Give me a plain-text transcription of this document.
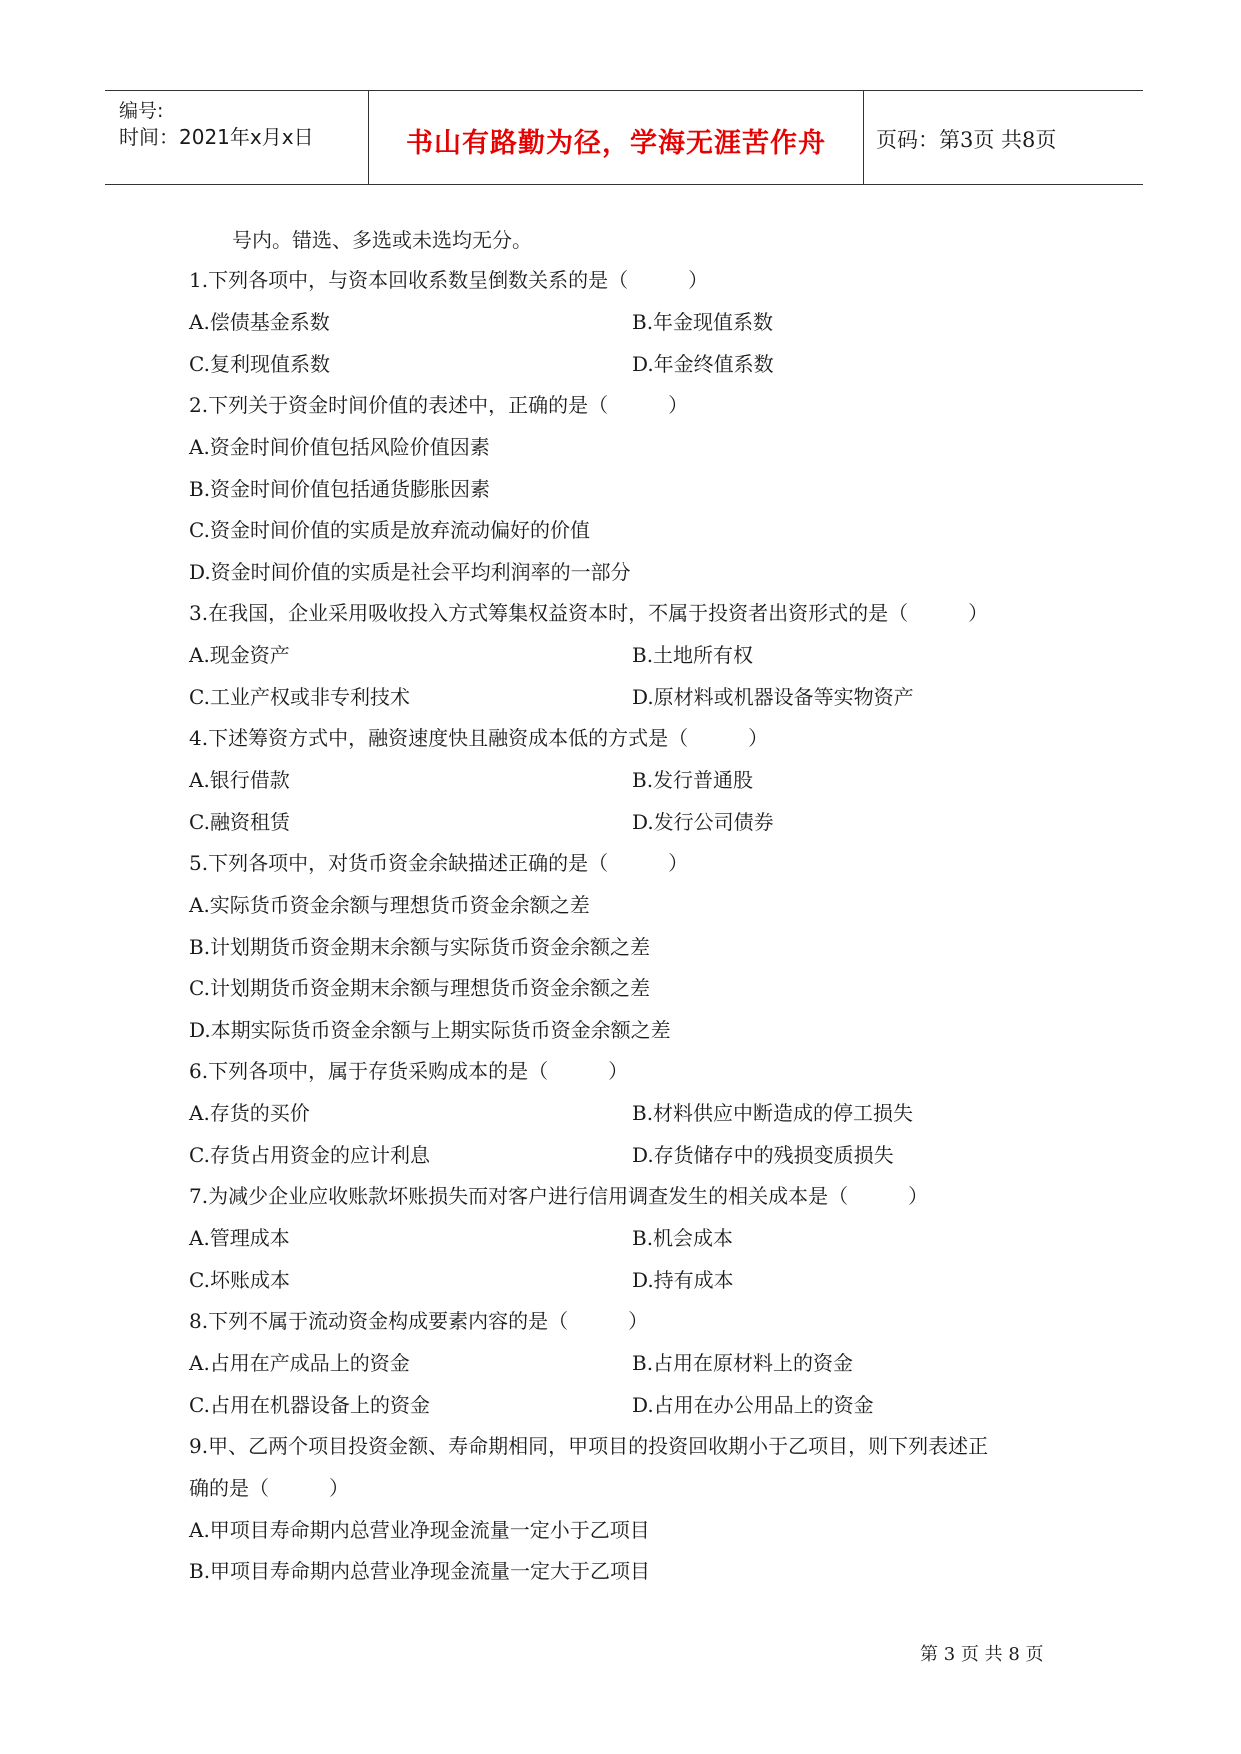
编号:
时间：2021年x月x日	书山有路勤为径，学海无涯苦作舟	页码：第3页 共8页
号内。错选、多选或未选均无分。
1.下列各项中，与资本回收系数呈倒数关系的是（　　　）
A.偿债基金系数	B.年金现值系数
C.复利现值系数	D.年金终值系数
2.下列关于资金时间价值的表述中，正确的是（　　　）
A.资金时间价值包括风险价值因素
B.资金时间价值包括通货膨胀因素
C.资金时间价值的实质是放弃流动偏好的价值
D.资金时间价值的实质是社会平均利润率的一部分
3.在我国，企业采用吸收投入方式筹集权益资本时，不属于投资者出资形式的是（　　　）
A.现金资产	B.土地所有权
C.工业产权或非专利技术	D.原材料或机器设备等实物资产
4.下述筹资方式中，融资速度快且融资成本低的方式是（　　　）
A.银行借款	B.发行普通股
C.融资租赁	D.发行公司债券
5.下列各项中，对货币资金余缺描述正确的是（　　　）
A.实际货币资金余额与理想货币资金余额之差
B.计划期货币资金期末余额与实际货币资金余额之差
C.计划期货币资金期末余额与理想货币资金余额之差
D.本期实际货币资金余额与上期实际货币资金余额之差
6.下列各项中，属于存货采购成本的是（　　　）
A.存货的买价	B.材料供应中断造成的停工损失
C.存货占用资金的应计利息	D.存货储存中的残损变质损失
7.为减少企业应收账款坏账损失而对客户进行信用调查发生的相关成本是（　　　）
A.管理成本	B.机会成本
C.坏账成本	D.持有成本
8.下列不属于流动资金构成要素内容的是（　　　）
A.占用在产成品上的资金	B.占用在原材料上的资金
C.占用在机器设备上的资金	D.占用在办公用品上的资金
9.甲、乙两个项目投资金额、寿命期相同，甲项目的投资回收期小于乙项目，则下列表述正
确的是（　　　）
A.甲项目寿命期内总营业净现金流量一定小于乙项目
B.甲项目寿命期内总营业净现金流量一定大于乙项目
第 3 页 共 8 页
